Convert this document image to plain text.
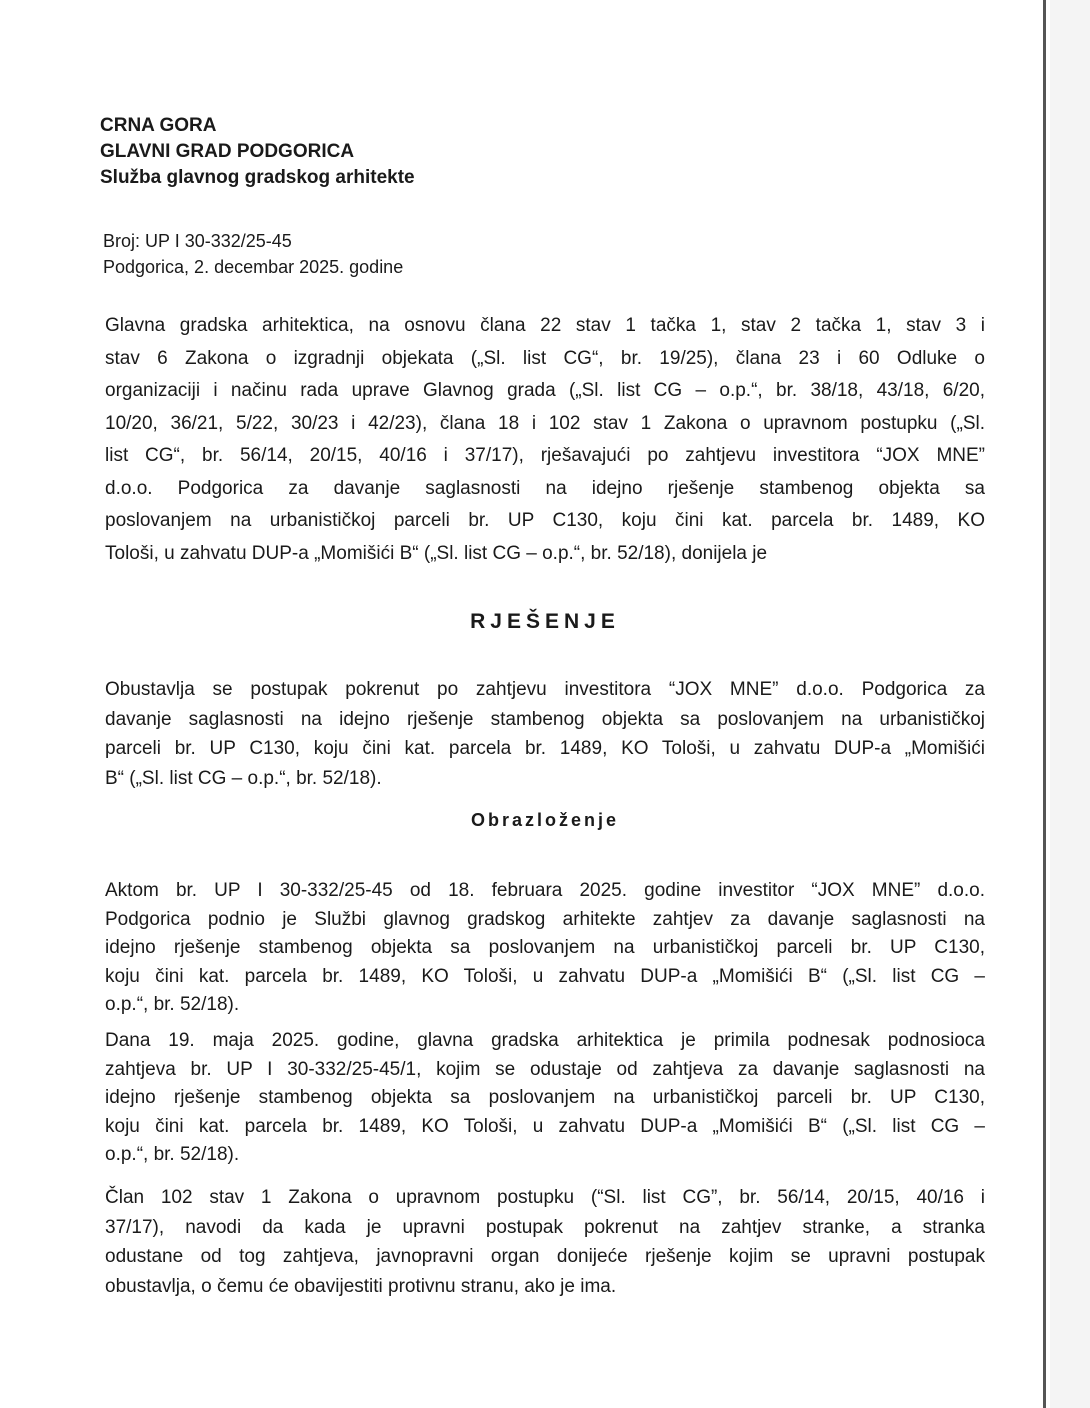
CRNA GORA
GLAVNI GRAD PODGORICA
Služba glavnog gradskog arhitekte
Broj: UP I 30-332/25-45
Podgorica, 2. decembar 2025. godine
Glavna gradska arhitektica, na osnovu člana 22 stav 1 tačka 1, stav 2 tačka 1, stav 3 i
stav 6 Zakona o izgradnji objekata („Sl. list CG“, br. 19/25), člana 23 i 60 Odluke o
organizaciji i načinu rada uprave Glavnog grada („Sl. list CG – o.p.“, br. 38/18, 43/18, 6/20,
10/20, 36/21, 5/22, 30/23 i 42/23), člana 18 i 102 stav 1 Zakona o upravnom postupku („Sl.
list CG“, br. 56/14, 20/15, 40/16 i 37/17), rješavajući po zahtjevu investitora “JOX MNE”
d.o.o. Podgorica za davanje saglasnosti na idejno rješenje stambenog objekta sa
poslovanjem na urbanističkoj parceli br. UP C130, koju čini kat. parcela br. 1489, KO
Tološi, u zahvatu DUP-a „Momišići B“ („Sl. list CG – o.p.“, br. 52/18), donijela je
RJEŠENJE
Obustavlja se postupak pokrenut po zahtjevu investitora “JOX MNE” d.o.o. Podgorica za
davanje saglasnosti na idejno rješenje stambenog objekta sa poslovanjem na urbanističkoj
parceli br. UP C130, koju čini kat. parcela br. 1489, KO Tološi, u zahvatu DUP-a „Momišići
B“ („Sl. list CG – o.p.“, br. 52/18).
Obrazloženje
Aktom br. UP I 30-332/25-45 od 18. februara 2025. godine investitor “JOX MNE” d.o.o.
Podgorica podnio je Službi glavnog gradskog arhitekte zahtjev za davanje saglasnosti na
idejno rješenje stambenog objekta sa poslovanjem na urbanističkoj parceli br. UP C130,
koju čini kat. parcela br. 1489, KO Tološi, u zahvatu DUP-a „Momišići B“ („Sl. list CG –
o.p.“, br. 52/18).
Dana 19. maja 2025. godine, glavna gradska arhitektica je primila podnesak podnosioca
zahtjeva br. UP I 30-332/25-45/1, kojim se odustaje od zahtjeva za davanje saglasnosti na
idejno rješenje stambenog objekta sa poslovanjem na urbanističkoj parceli br. UP C130,
koju čini kat. parcela br. 1489, KO Tološi, u zahvatu DUP-a „Momišići B“ („Sl. list CG –
o.p.“, br. 52/18).
Član 102 stav 1 Zakona o upravnom postupku (“Sl. list CG”, br. 56/14, 20/15, 40/16 i
37/17), navodi da kada je upravni postupak pokrenut na zahtjev stranke, a stranka
odustane od tog zahtjeva, javnopravni organ donijeće rješenje kojim se upravni postupak
obustavlja, o čemu će obavijestiti protivnu stranu, ako je ima.
